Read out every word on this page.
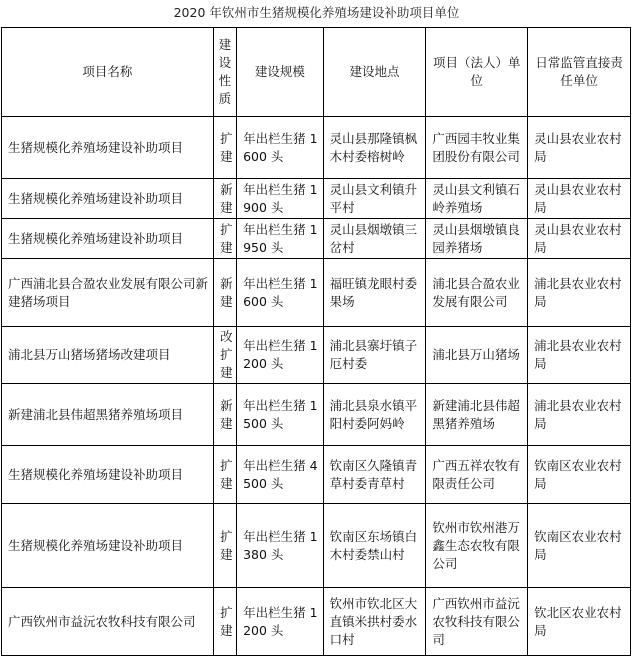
2020 年钦州市生猪规模化养殖场建设补助项目单位
项目名称	建设性质	建设规模	建设地点	项目（法人）单位	日常监管直接责任单位
生猪规模化养殖场建设补助项目	扩建	年出栏生猪 1600 头	灵山县那隆镇枫木村委榕树岭	广西园丰牧业集团股份有限公司	灵山县农业农村局
生猪规模化养殖场建设补助项目	新建	年出栏生猪 1900 头	灵山县文利镇升平村	灵山县文利镇石岭养殖场	灵山县农业农村局
生猪规模化养殖场建设补助项目	扩建	年出栏生猪 1950 头	灵山县烟墩镇三岔村	灵山县烟墩镇良园养猪场	灵山县农业农村局
广西浦北县合盈农业发展有限公司新建猪场项目	新建	年出栏生猪 1600 头	福旺镇龙眼村委果场	浦北县合盈农业发展有限公司	浦北县农业农村局
浦北县万山猪场猪场改建项目	改扩建	年出栏生猪 1200 头	浦北县寨圩镇子厄村委	浦北县万山猪场	浦北县农业农村局
新建浦北县伟超黑猪养殖场项目	新建	年出栏生猪 1500 头	浦北县泉水镇平阳村委阿妈岭	新建浦北县伟超黑猪养殖场	浦北县农业农村局
生猪规模化养殖场建设补助项目	扩建	年出栏生猪 4500 头	钦南区久隆镇青草村委青草村	广西五祥农牧有限责任公司	钦南区农业农村局
生猪规模化养殖场建设补助项目	扩建	年出栏生猪 1380 头	钦南区东场镇白木村委禁山村	钦州市钦州港万鑫生态农牧有限公司	钦南区农业农村局
广西钦州市益沅农牧科技有限公司	扩建	年出栏生猪 1200 头	钦州市钦北区大直镇米拱村委水口村	广西钦州市益沅农牧科技有限公司	钦北区农业农村局
